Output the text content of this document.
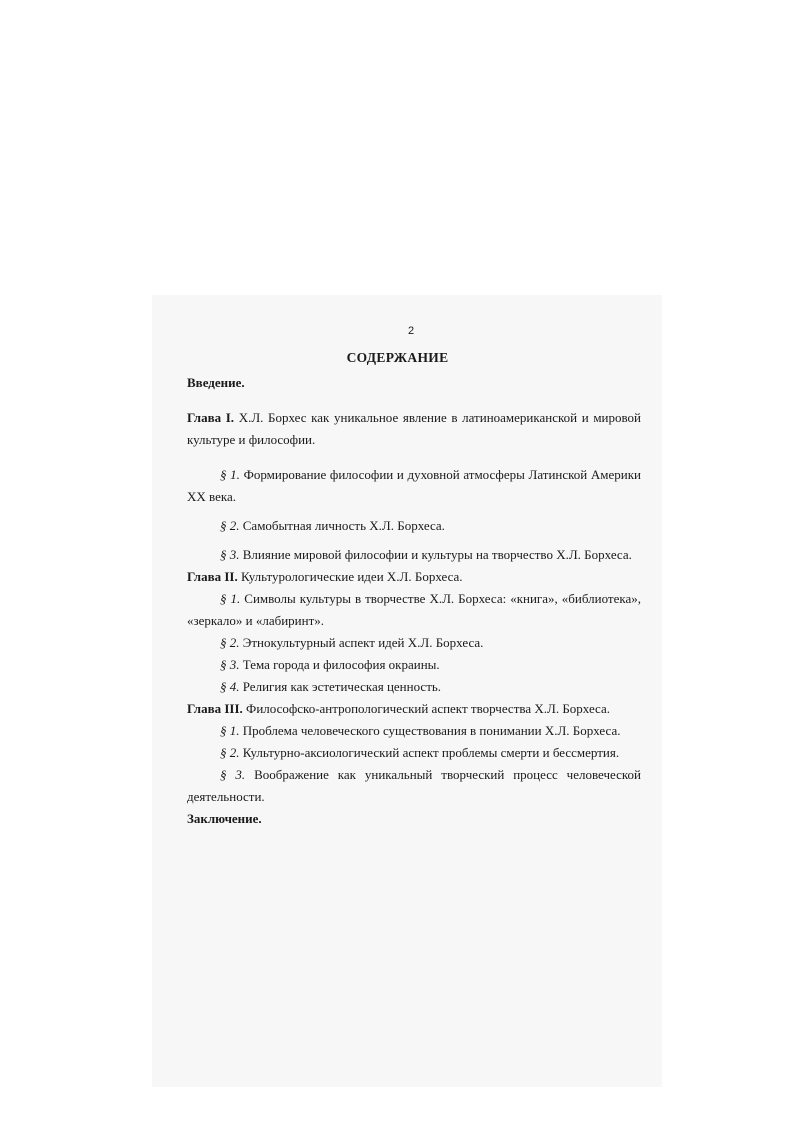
2
СОДЕРЖАНИЕ

Введение.

Глава I. Х.Л. Борхес как уникальное явление в латиноамериканской и мировой культуре и философии.

§ 1. Формирование философии и духовной атмосферы Латинской Америки XX века.

§ 2. Самобытная личность Х.Л. Борхеса.

§ 3. Влияние мировой философии и культуры на творчество Х.Л. Борхеса.

Глава II. Культурологические идеи Х.Л. Борхеса.

§ 1. Символы культуры в творчестве Х.Л. Борхеса: «книга», «библиотека», «зеркало» и «лабиринт».

§ 2. Этнокультурный аспект идей Х.Л. Борхеса.

§ 3. Тема города и философия окраины.

§ 4. Религия как эстетическая ценность.

Глава III. Философско-антропологический аспект творчества Х.Л. Борхеса.

§ 1. Проблема человеческого существования в понимании Х.Л. Борхеса.

§ 2. Культурно-аксиологический аспект проблемы смерти и бессмертия.

§ 3. Воображение как уникальный творческий процесс человеческой деятельности.

Заключение.
